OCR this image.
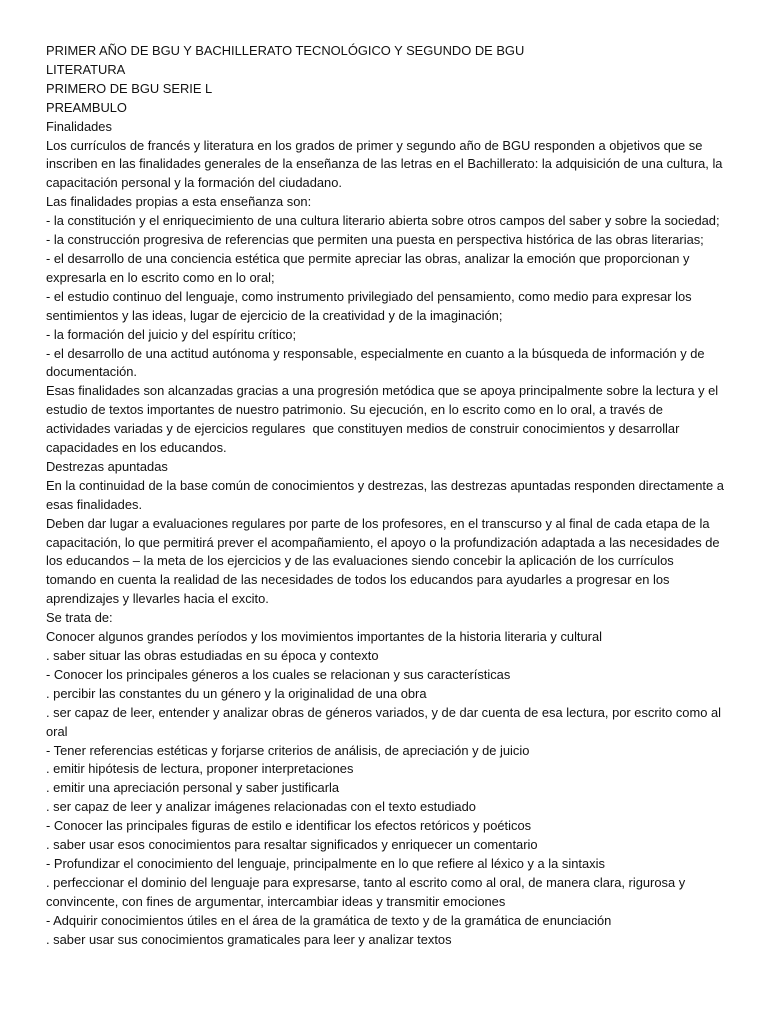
PRIMER AÑO DE BGU Y BACHILLERATO TECNOLÓGICO Y SEGUNDO DE BGU

LITERATURA

PRIMERO DE BGU SERIE L

PREAMBULO

Finalidades

Los currículos de francés y literatura en los grados de primer y segundo año de BGU responden a objetivos que se inscriben en las finalidades generales de la enseñanza de las letras en el Bachillerato: la adquisición de una cultura, la capacitación personal y la formación del ciudadano.

Las finalidades propias a esta enseñanza son:

- la constitución y el enriquecimiento de una cultura literario abierta sobre otros campos del saber y sobre la sociedad;

- la construcción progresiva de referencias que permiten una puesta en perspectiva histórica de las obras literarias;

- el desarrollo de una conciencia estética que permite apreciar las obras, analizar la emoción que proporcionan y expresarla en lo escrito como en lo oral;

- el estudio continuo del lenguaje, como instrumento privilegiado del pensamiento, como medio para expresar los sentimientos y las ideas, lugar de ejercicio de la creatividad y de la imaginación;

- la formación del juicio y del espíritu crítico;

- el desarrollo de una actitud autónoma y responsable, especialmente en cuanto a la búsqueda de información y de documentación.

Esas finalidades son alcanzadas gracias a una progresión metódica que se apoya principalmente sobre la lectura y el estudio de textos importantes de nuestro patrimonio. Su ejecución, en lo escrito como en lo oral, a través de actividades variadas y de ejercicios regulares  que constituyen medios de construir conocimientos y desarrollar capacidades en los educandos.

Destrezas apuntadas

En la continuidad de la base común de conocimientos y destrezas, las destrezas apuntadas responden directamente a esas finalidades.

Deben dar lugar a evaluaciones regulares por parte de los profesores, en el transcurso y al final de cada etapa de la capacitación, lo que permitirá prever el acompañamiento, el apoyo o la profundización adaptada a las necesidades de los educandos – la meta de los ejercicios y de las evaluaciones siendo concebir la aplicación de los currículos tomando en cuenta la realidad de las necesidades de todos los educandos para ayudarles a progresar en los aprendizajes y llevarles hacia el excito.

Se trata de:

Conocer algunos grandes períodos y los movimientos importantes de la historia literaria y cultural

. saber situar las obras estudiadas en su época y contexto

- Conocer los principales géneros a los cuales se relacionan y sus características

. percibir las constantes du un género y la originalidad de una obra

. ser capaz de leer, entender y analizar obras de géneros variados, y de dar cuenta de esa lectura, por escrito como al oral

- Tener referencias estéticas y forjarse criterios de análisis, de apreciación y de juicio

. emitir hipótesis de lectura, proponer interpretaciones

. emitir una apreciación personal y saber justificarla

. ser capaz de leer y analizar imágenes relacionadas con el texto estudiado

- Conocer las principales figuras de estilo e identificar los efectos retóricos y poéticos

. saber usar esos conocimientos para resaltar significados y enriquecer un comentario

- Profundizar el conocimiento del lenguaje, principalmente en lo que refiere al léxico y a la sintaxis

. perfeccionar el dominio del lenguaje para expresarse, tanto al escrito como al oral, de manera clara, rigurosa y convincente, con fines de argumentar, intercambiar ideas y transmitir emociones

- Adquirir conocimientos útiles en el área de la gramática de texto y de la gramática de enunciación

. saber usar sus conocimientos gramaticales para leer y analizar textos
